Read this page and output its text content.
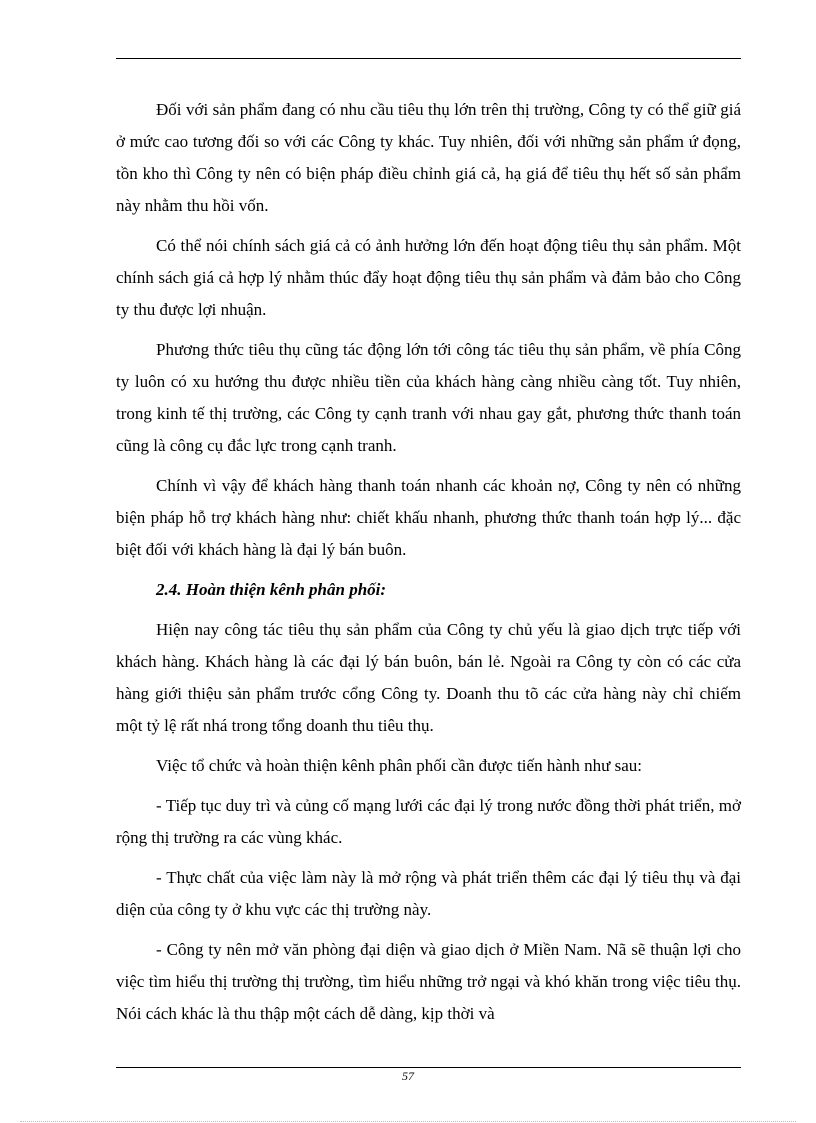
Đối với sản phẩm đang có nhu cầu tiêu thụ lớn trên thị trường, Công ty có thể giữ giá ở mức cao tương đối so với các Công ty khác. Tuy nhiên, đối với những sản phẩm ứ đọng, tồn kho thì Công ty nên có biện pháp điều chỉnh giá cả, hạ giá để tiêu thụ hết số sản phẩm này nhằm thu hồi vốn.

Có thể nói chính sách giá cả có ảnh hưởng lớn đến hoạt động tiêu thụ sản phẩm. Một chính sách giá cả hợp lý nhằm thúc đẩy hoạt động tiêu thụ sản phẩm và đảm bảo cho Công ty thu được lợi nhuận.

Phương thức tiêu thụ cũng tác động lớn tới công tác tiêu thụ sản phẩm, về phía Công ty luôn có xu hướng thu được nhiều tiền của khách hàng càng nhiều càng tốt. Tuy nhiên, trong kinh tế thị trường, các Công ty cạnh tranh với nhau gay gắt, phương thức thanh toán cũng là công cụ đắc lực trong cạnh tranh.

Chính vì vậy để khách hàng thanh toán nhanh các khoản nợ, Công ty nên có những biện pháp hỗ trợ khách hàng như: chiết khấu nhanh, phương thức thanh toán hợp lý... đặc biệt đối với khách hàng là đại lý bán buôn.

2.4. Hoàn thiện kênh phân phối:

Hiện nay công tác tiêu thụ sản phẩm của Công ty chủ yếu là giao dịch trực tiếp với khách hàng. Khách hàng là các đại lý bán buôn, bán lẻ. Ngoài ra Công ty còn có các cửa hàng giới thiệu sản phẩm trước cổng Công ty. Doanh thu tõ các cửa hàng này chỉ chiếm một tỷ lệ rất nhá trong tổng doanh thu tiêu thụ.

Việc tổ chức và hoàn thiện kênh phân phối cần được tiến hành như sau:

- Tiếp tục duy trì và củng cố mạng lưới các đại lý trong nước đồng thời phát triển, mở rộng thị trường ra các vùng khác.

- Thực chất của việc làm này là mở rộng và phát triển thêm các đại lý tiêu thụ và đại diện của công ty ở khu vực các thị trường này.

- Công ty nên mở văn phòng đại diện và giao dịch ở Miền Nam. Nã sẽ thuận lợi cho việc tìm hiểu thị trường thị trường, tìm hiểu những trở ngại và khó khăn trong việc tiêu thụ. Nói cách khác là thu thập một cách dễ dàng, kịp thời và

57
